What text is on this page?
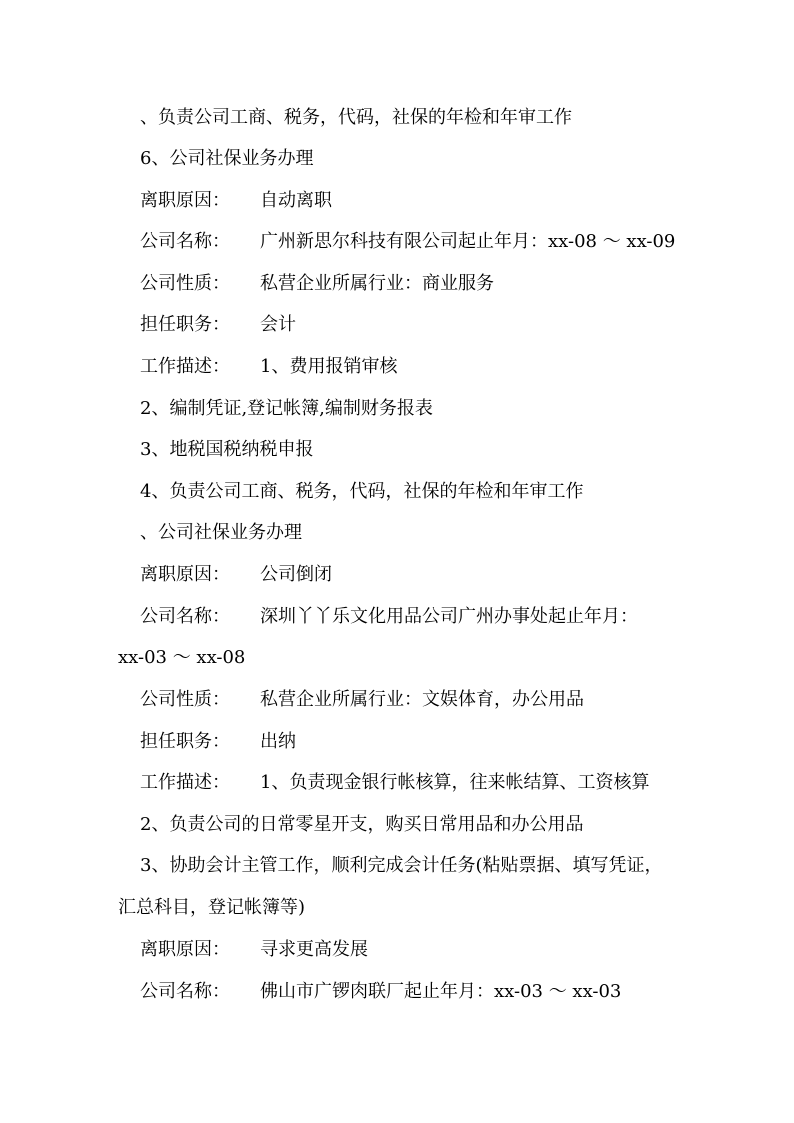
、负责公司工商、税务，代码，社保的年检和年审工作
6、公司社保业务办理
离职原因： 自动离职
公司名称： 广州新思尔科技有限公司起止年月：xx-08 ～ xx-09
公司性质： 私营企业所属行业：商业服务
担任职务： 会计
工作描述： 1、费用报销审核
2、编制凭证,登记帐簿,编制财务报表
3、地税国税纳税申报
4、负责公司工商、税务，代码，社保的年检和年审工作
、公司社保业务办理
离职原因： 公司倒闭
公司名称： 深圳丫丫乐文化用品公司广州办事处起止年月：
xx-03 ～ xx-08
公司性质： 私营企业所属行业：文娱体育，办公用品
担任职务： 出纳
工作描述： 1、负责现金银行帐核算，往来帐结算、工资核算
2、负责公司的日常零星开支，购买日常用品和办公用品
3、协助会计主管工作，顺利完成会计任务(粘贴票据、填写凭证，
汇总科目，登记帐簿等)
离职原因： 寻求更高发展
公司名称： 佛山市广锣肉联厂起止年月：xx-03 ～ xx-03
